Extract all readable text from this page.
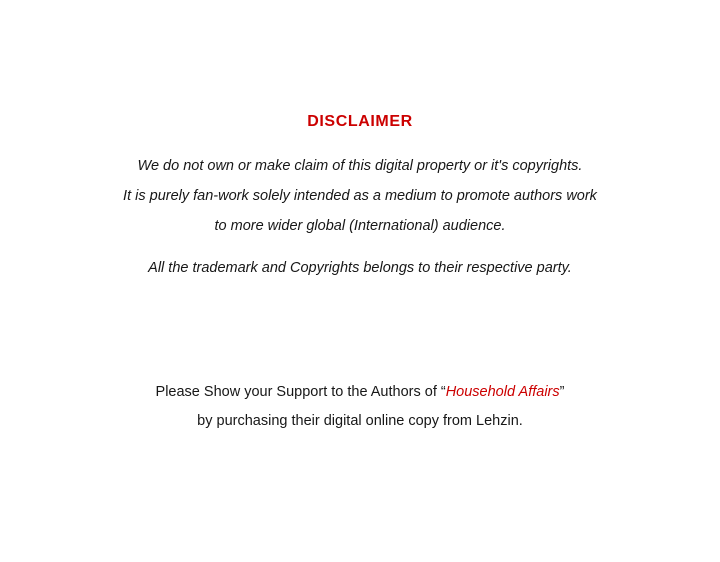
DISCLAIMER
We do not own or make claim of this digital property or it's copyrights.
It is purely fan-work solely intended as a medium to promote authors work
to more wider global (International) audience.
All the trademark and Copyrights belongs to their respective party.
Please Show your Support to the Authors of “Household Affairs”
by purchasing their digital online copy from Lehzin.
